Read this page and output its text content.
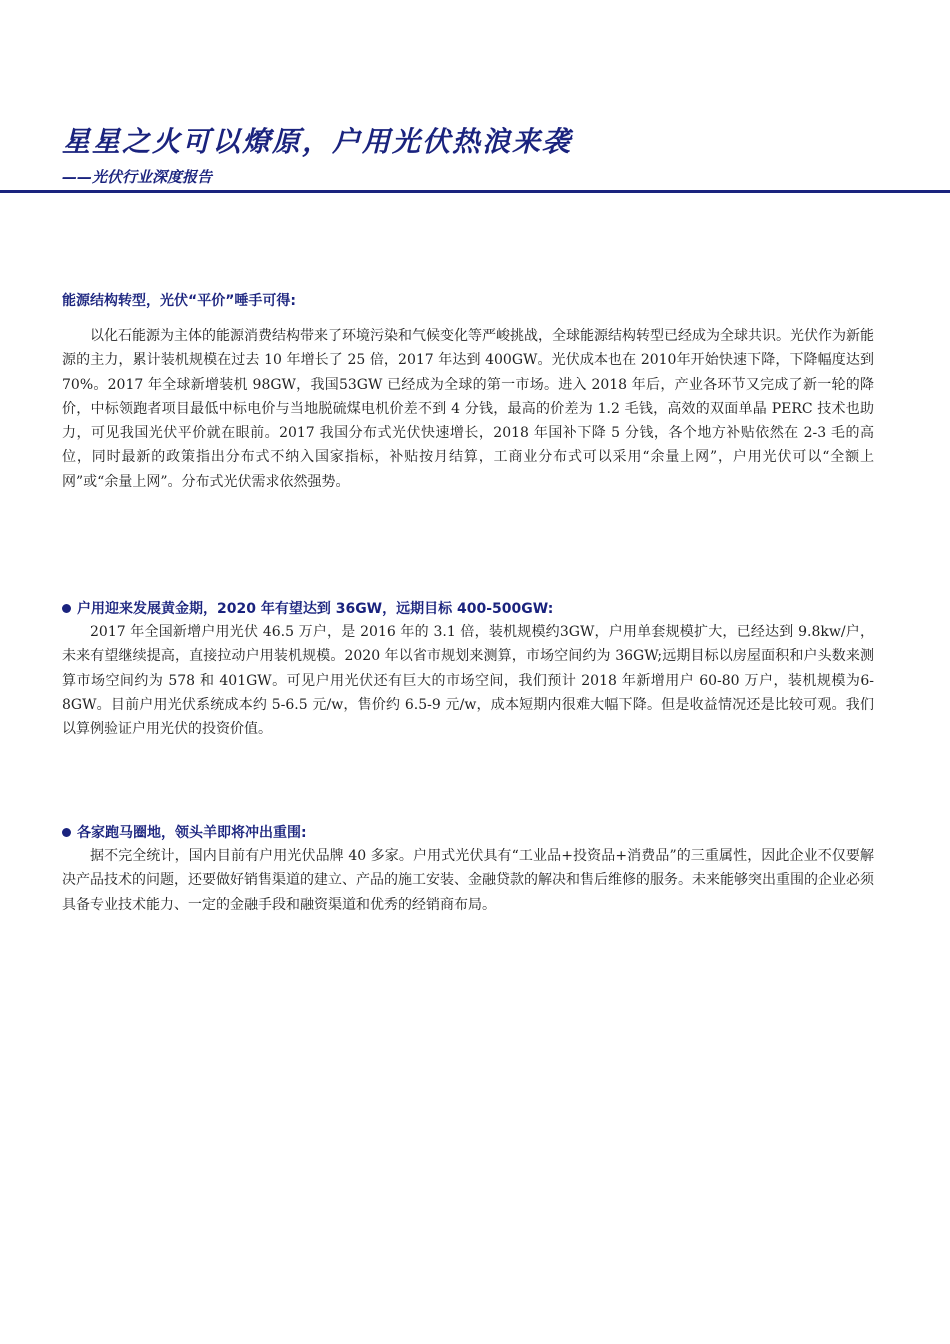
星星之火可以燎原，户用光伏热浪来袭
——光伏行业深度报告
能源结构转型，光伏“平价”唾手可得:

以化石能源为主体的能源消费结构带来了环境污染和气候变化等严峻挑战，全球能源结构转型已经成为全球共识。光伏作为新能源的主力，累计装机规模在过去 10 年增长了 25 倍，2017 年达到 400GW。光伏成本也在 2010年开始快速下降，下降幅度达到 70%。2017 年全球新增装机 98GW，我国53GW 已经成为全球的第一市场。进入 2018 年后，产业各环节又完成了新一轮的降价，中标领跑者项目最低中标电价与当地脱硫煤电机价差不到 4 分钱，最高的价差为 1.2 毛钱，高效的双面单晶 PERC 技术也助力，可见我国光伏平价就在眼前。2017 我国分布式光伏快速增长，2018 年国补下降 5 分钱，各个地方补贴依然在 2-3 毛的高位，同时最新的政策指出分布式不纳入国家指标，补贴按月结算，工商业分布式可以采用“余量上网”，户用光伏可以“全额上网”或“余量上网”。分布式光伏需求依然强势。

户用迎来发展黄金期，2020 年有望达到 36GW，远期目标 400-500GW:

2017 年全国新增户用光伏 46.5 万户，是 2016 年的 3.1 倍，装机规模约3GW，户用单套规模扩大，已经达到 9.8kw/户，未来有望继续提高，直接拉动户用装机规模。2020 年以省市规划来测算，市场空间约为 36GW;远期目标以房屋面积和户头数来测算市场空间约为 578 和 401GW。可见户用光伏还有巨大的市场空间，我们预计 2018 年新增用户 60-80 万户，装机规模为6-8GW。目前户用光伏系统成本约 5-6.5 元/w，售价约 6.5-9 元/w，成本短期内很难大幅下降。但是收益情况还是比较可观。我们以算例验证户用光伏的投资价值。

各家跑马圈地，领头羊即将冲出重围:

据不完全统计，国内目前有户用光伏品牌 40 多家。户用式光伏具有“工业品+投资品+消费品”的三重属性，因此企业不仅要解决产品技术的问题，还要做好销售渠道的建立、产品的施工安装、金融贷款的解决和售后维修的服务。未来能够突出重围的企业必须具备专业技术能力、一定的金融手段和融资渠道和优秀的经销商布局。
